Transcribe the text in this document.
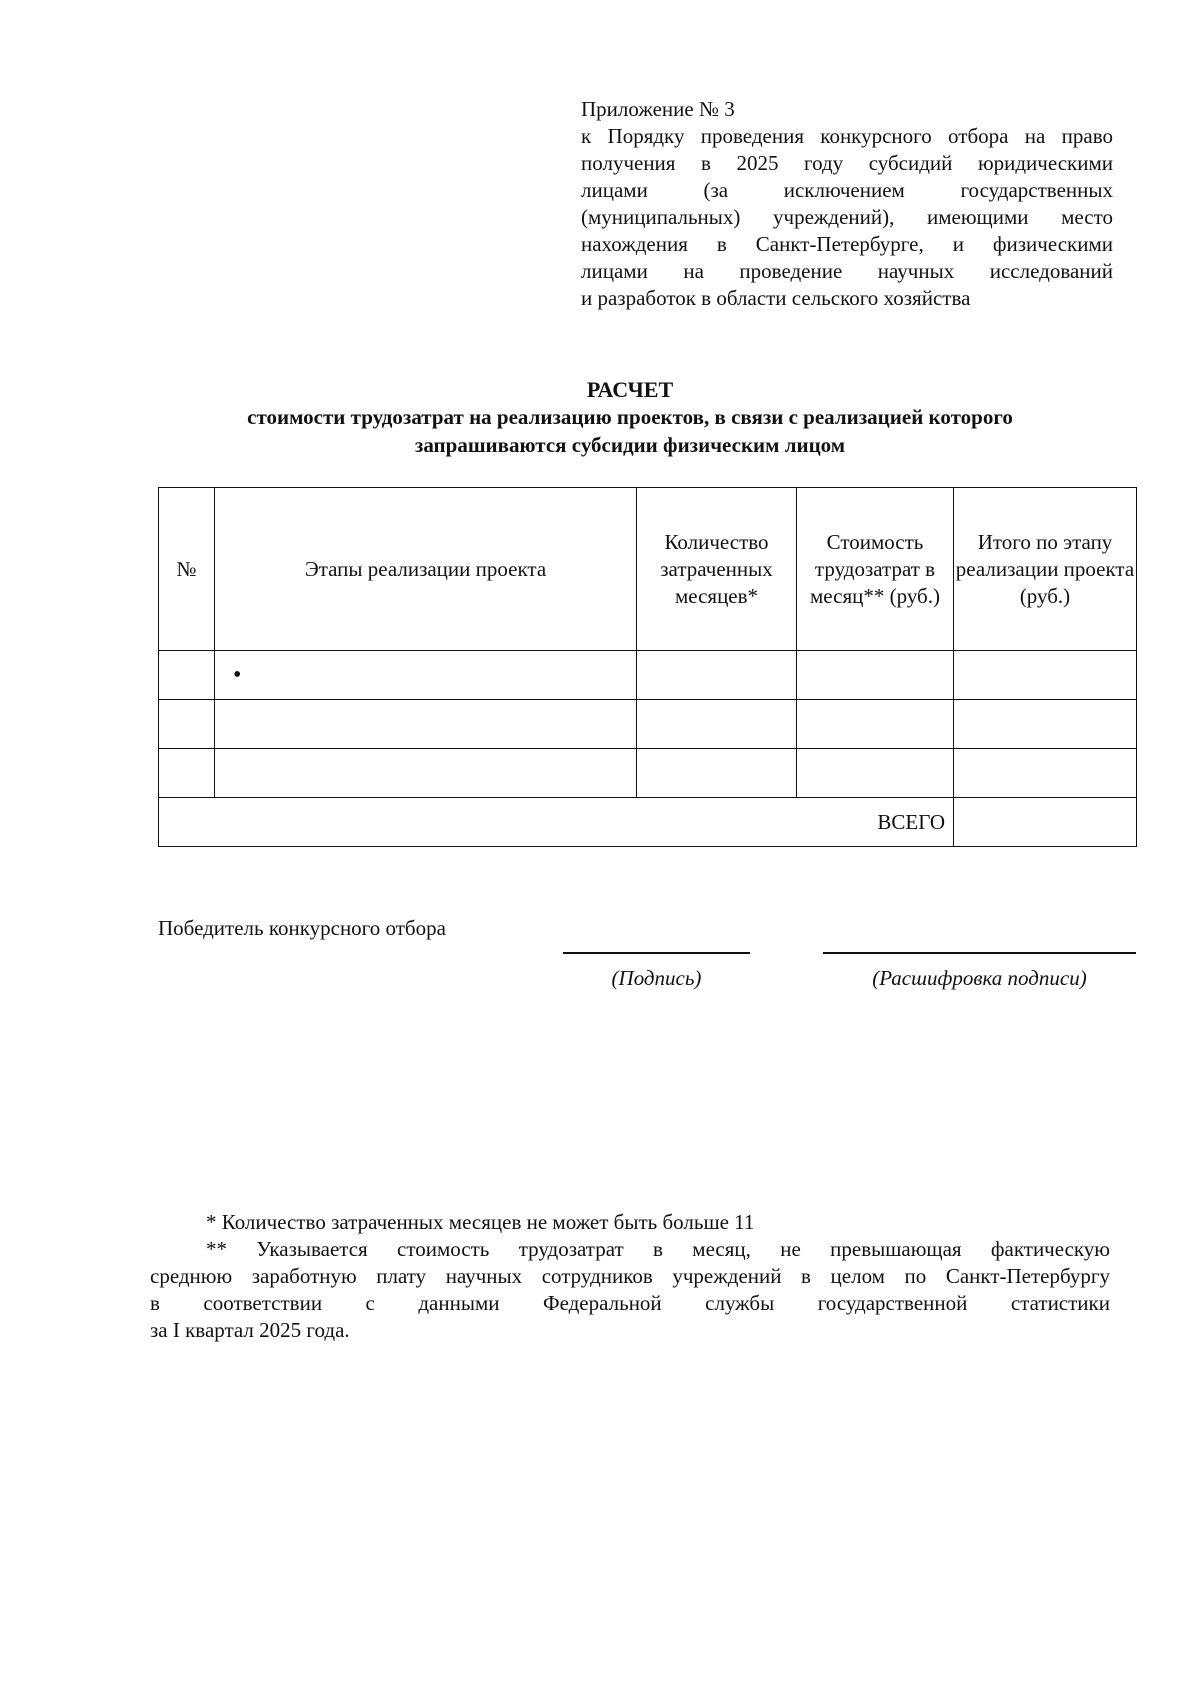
Приложение № 3
к Порядку проведения конкурсного отбора на право
получения в 2025 году субсидий юридическими
лицами (за исключением государственных
(муниципальных) учреждений), имеющими место
нахождения в Санкт-Петербурге, и физическими
лицами на проведение научных исследований
и разработок в области сельского хозяйства
РАСЧЕТ
стоимости трудозатрат на реализацию проектов, в связи с реализацией которого
запрашиваются субсидии физическим лицом
№	Этапы реализации проекта	Количество затраченных месяцев*	Стоимость трудозатрат в месяц** (руб.)	Итого по этапу реализации проекта (руб.)
	•			

ВСЕГО				
Победитель конкурсного отбора
(Подпись)	(Расшифровка подписи)
* Количество затраченных месяцев не может быть больше 11
** Указывается стоимость трудозатрат в месяц, не превышающая фактическую
среднюю заработную плату научных сотрудников учреждений в целом по Санкт-Петербургу
в соответствии с данными Федеральной службы государственной статистики
за I квартал 2025 года.
